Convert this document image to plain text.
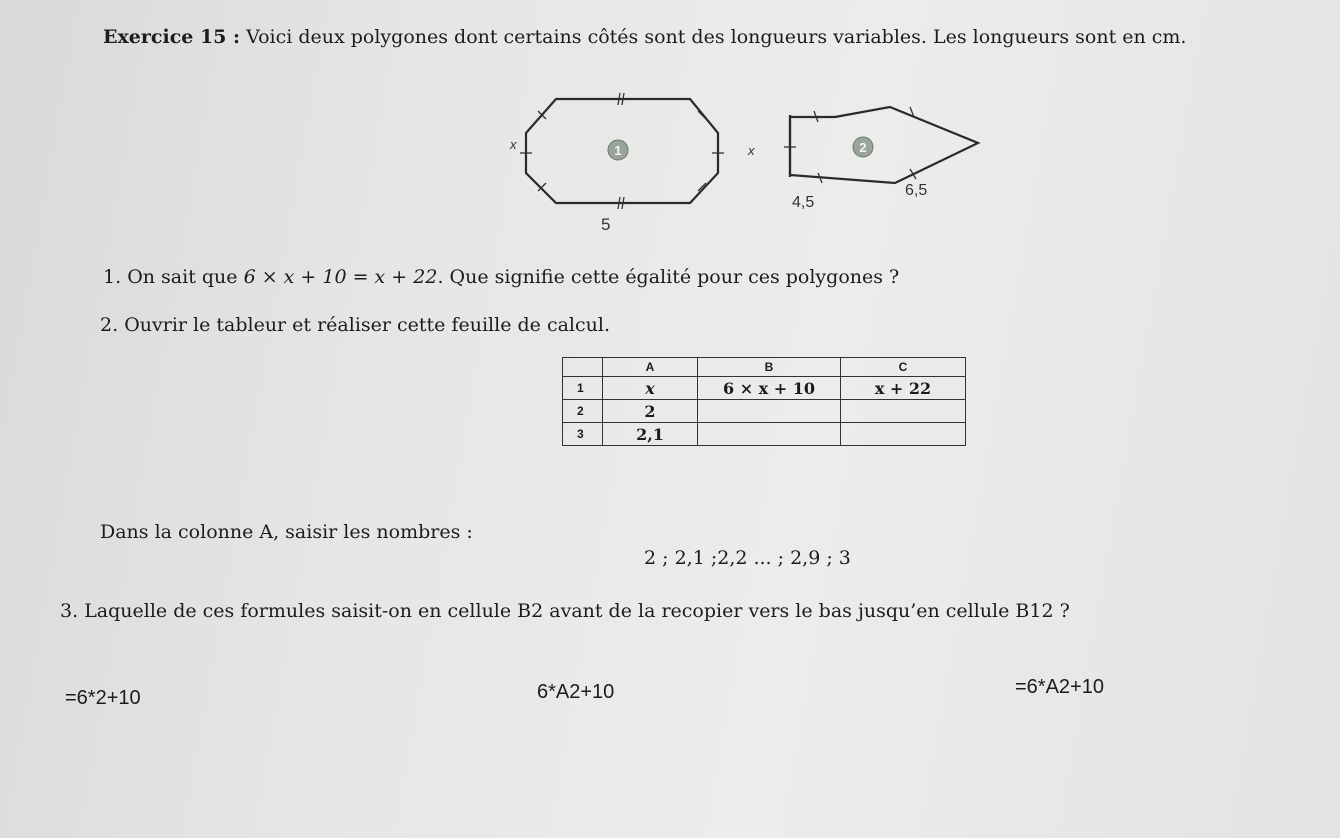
Exercice 15 : Voici deux polygones dont certains côtés sont des longueurs variables. Les longueurs sont en cm.
1
x
5
2
x
4,5
6,5
1. On sait que 6 × x + 10 = x + 22. Que signifie cette égalité pour ces polygones ?
2. Ouvrir le tableur et réaliser cette feuille de calcul.
	A	B	C
1	x	6 × x + 10	x + 22
2	2		
3	2,1		
Dans la colonne A, saisir les nombres :
2 ; 2,1 ;2,2 ... ; 2,9 ; 3
3. Laquelle de ces formules saisit-on en cellule B2 avant de la recopier vers le bas jusqu’en cellule B12 ?
=6*2+10	6*A2+10	=6*A2+10
